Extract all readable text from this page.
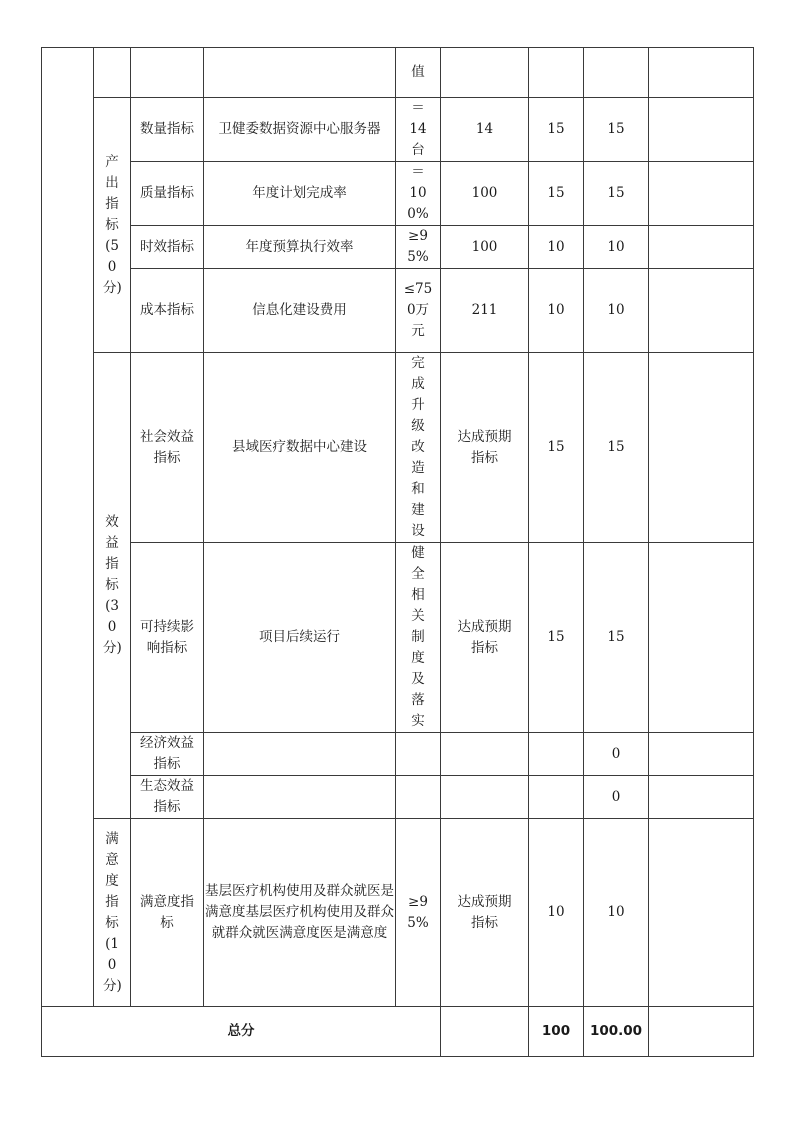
				值				

	产出指标(50分)	数量指标	卫健委数据资源中心服务器	＝14台	14	15	15	
		质量指标	年度计划完成率	＝100%	100	15	15	
		时效指标	年度预算执行效率	≥95%	100	10	10	
		成本指标	信息化建设费用	≤750万元	211	10	10	

	效益指标(30分)	社会效益指标	县域医疗数据中心建设	完成升级改造和建设	达成预期指标	15	15	
		可持续影响指标	项目后续运行	健全相关制度及落实	达成预期指标	15	15	
		经济效益指标					0	
		生态效益指标					0	

	满意度指标(10分)	满意度指标	基层医疗机构使用及群众就医是满意度基层医疗机构使用及群众就群众就医满意度医是满意度	≥95%	达成预期指标	10	10	
总分						100	100.00	
